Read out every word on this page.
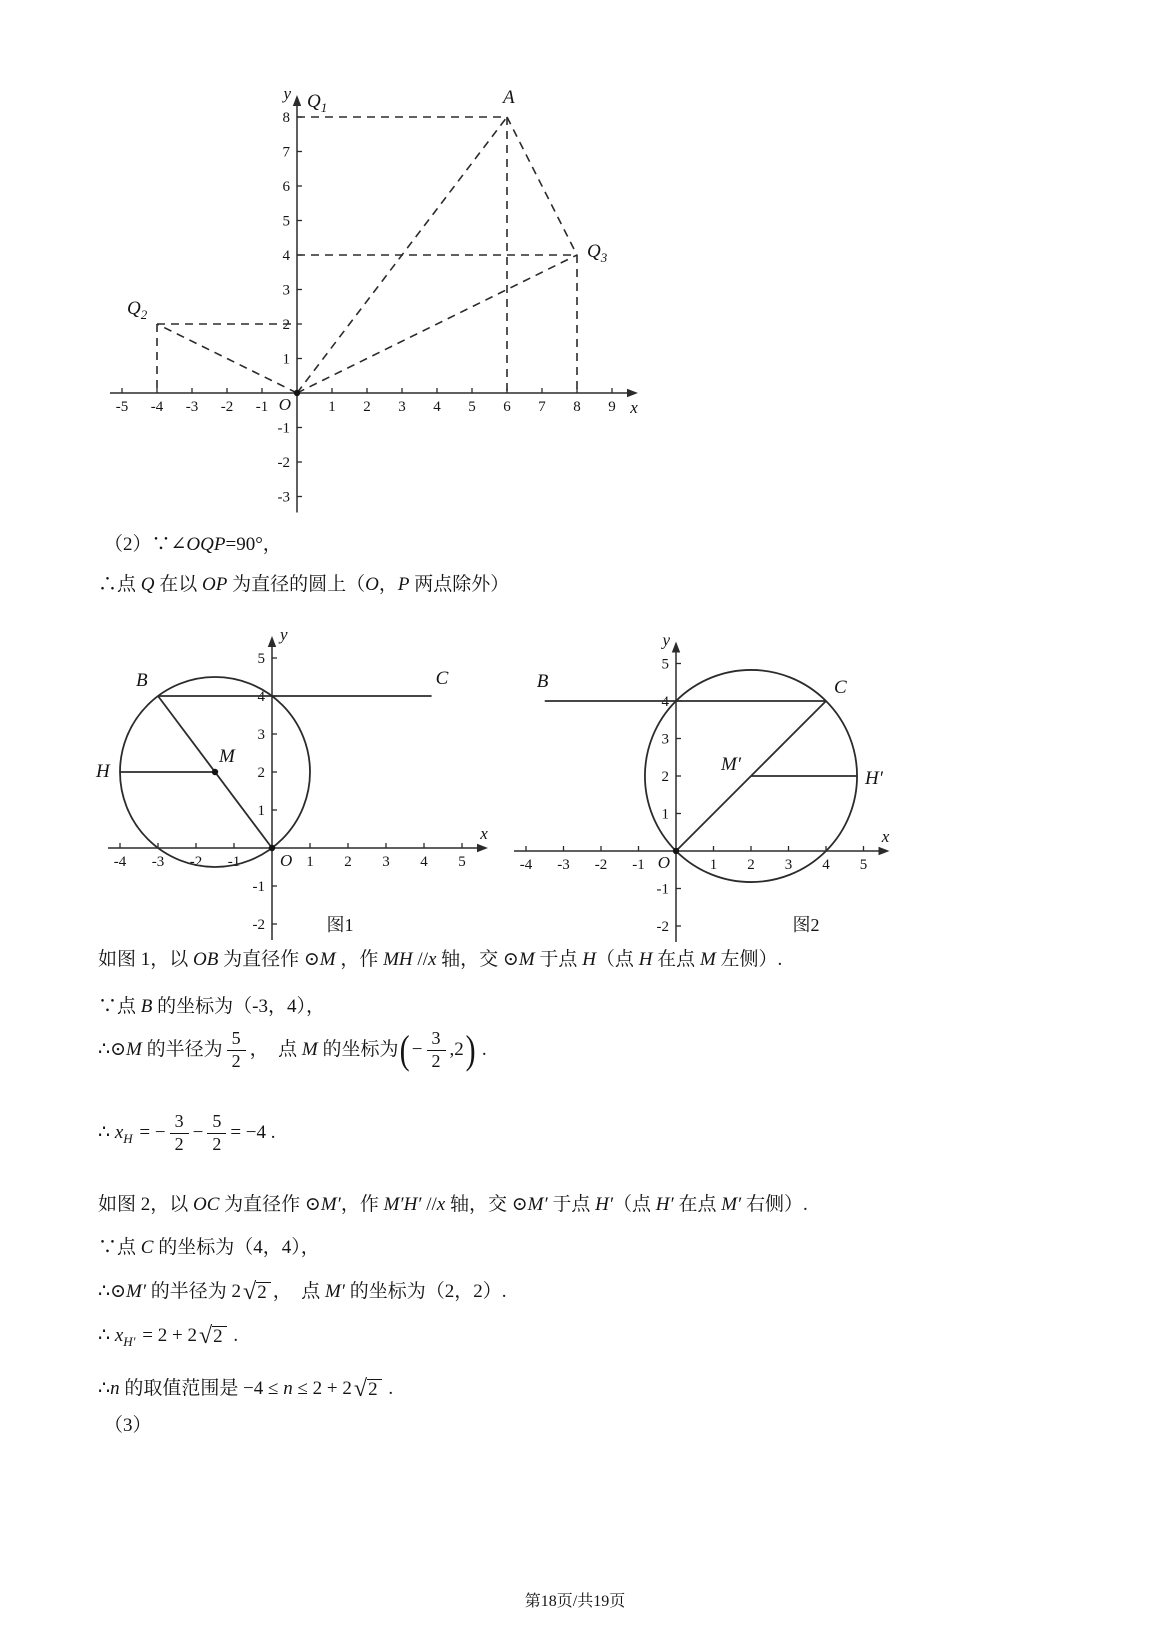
x
y
O
-5 -4 -3 -2 -1	1 2 3 4 5 6 7 8 9
-3
-2
-1
1
2
3
4
5
6
7
8
$Q_1$	A
$Q_2$
$Q_3$
（2）∵∠ OQP =90°，
∴点 Q 在以 OP 为直径的圆上（ O ， P 两点除外）
x
y
O
-4 -3 -2 -1	1 2 3 4 5
-2
-1
1
2
3
4
5
B	C
M
H
图1
x
y
O
-4 -3 -2 -1	1 2 3 4 5
-2
-1
1
2
3
4
5
B	C
M′
H′
图2
如图 1，以 OB 为直径作 ⊙ M ，作 MH // x 轴，交 ⊙ M 于点 H （点 H 在点 M 左侧）.
∵点 B 的坐标为（-3，4），
∴⊙ M 的半径为 $\frac{5}{2}$ ，  点 M 的坐标为 ( − $\frac{3}{2} ,2$ ) .
∴ x H = − $\frac{3}{2} - \frac{5}{2} = -4$ .
如图 2，以 OC 为直径作 ⊙ M′ ，作 M′H′ // x 轴，交 ⊙ M′ 于点 H′ （点 H′ 在点 M′ 右侧）.
∵点 C 的坐标为（4，4），
∴⊙ M′ 的半径为 2 √ 2 ，  点 M′ 的坐标为（2，2）.
∴ x H′ = 2 + 2 √ 2 .
∴ n 的取值范围是 −4 ≤ n ≤ 2 + 2 √ 2 .
（3）
第18页/共19页
